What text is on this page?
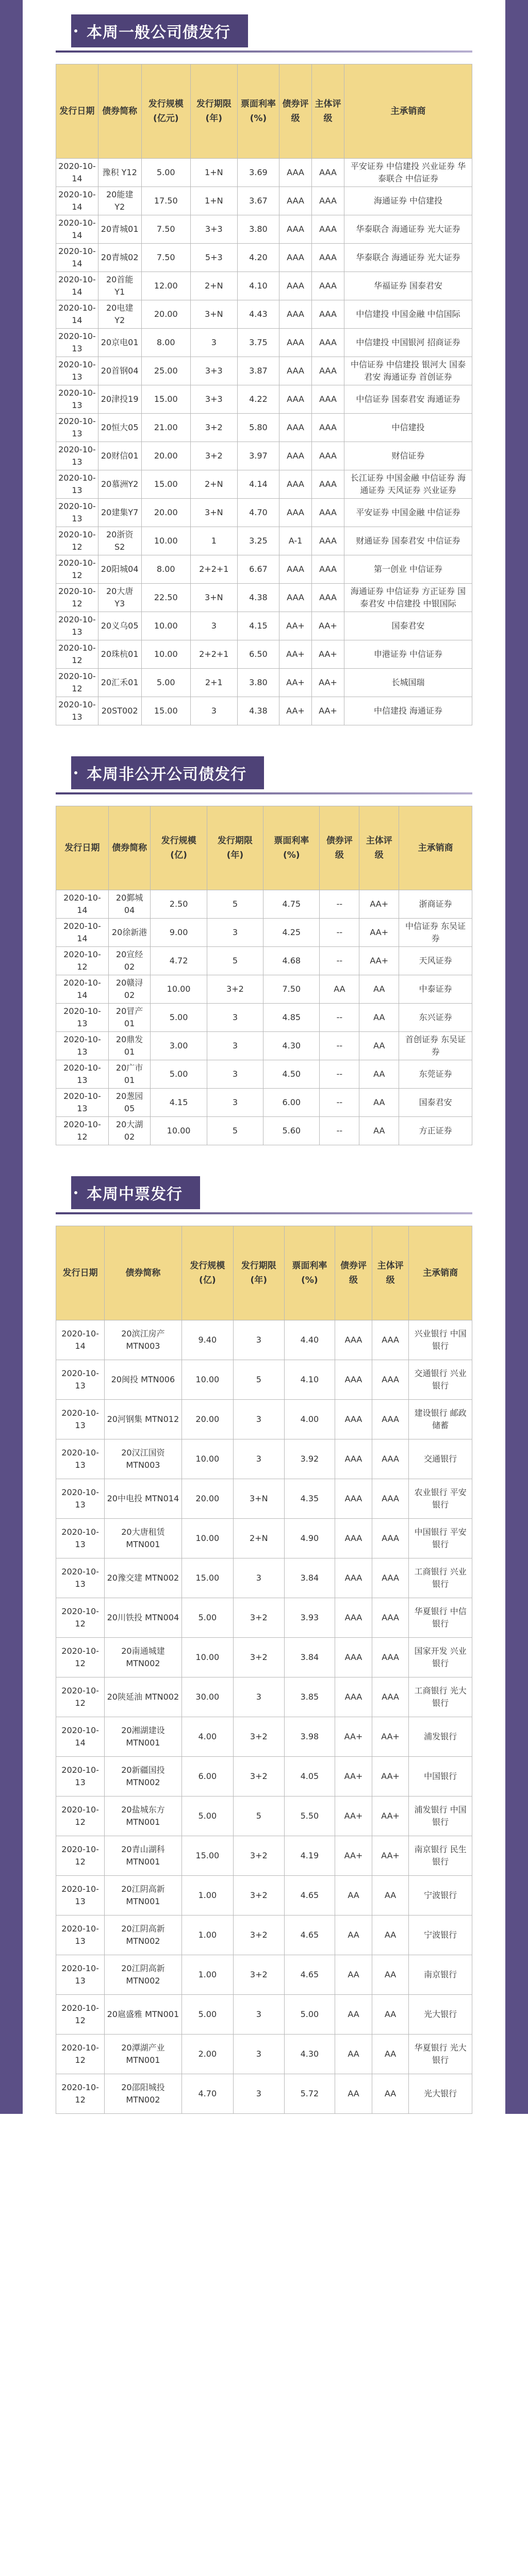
本周一般公司债发行
发行日期	债券简称	发行规模(亿元)	发行期限(年)	票面利率(%)	债券评级	主体评级	主承销商
2020-10-14	豫积 Y12	5.00	1+N	3.69	AAA	AAA	平安证券 中信建投 兴业证券 华泰联合 中信证券
2020-10-14	20能建 Y2	17.50	1+N	3.67	AAA	AAA	海通证券 中信建投
2020-10-14	20青城01	7.50	3+3	3.80	AAA	AAA	华泰联合 海通证券 光大证券
2020-10-14	20青城02	7.50	5+3	4.20	AAA	AAA	华泰联合 海通证券 光大证券
2020-10-14	20首能 Y1	12.00	2+N	4.10	AAA	AAA	华福证券 国泰君安
2020-10-14	20电建 Y2	20.00	3+N	4.43	AAA	AAA	中信建投 中国金融 中信国际
2020-10-13	20京电01	8.00	3	3.75	AAA	AAA	中信建投 中国银河 招商证券
2020-10-13	20首钢04	25.00	3+3	3.87	AAA	AAA	中信证券 中信建投 银河大 国泰君安 海通证券 首创证券
2020-10-13	20津投19	15.00	3+3	4.22	AAA	AAA	中信证券 国泰君安 海通证券
2020-10-13	20恒大05	21.00	3+2	5.80	AAA	AAA	中信建投
2020-10-13	20财信01	20.00	3+2	3.97	AAA	AAA	财信证券
2020-10-13	20慕洲Y2	15.00	2+N	4.14	AAA	AAA	长江证券 中国金融 中信证券 海通证券 天风证券 兴业证券
2020-10-13	20建集Y7	20.00	3+N	4.70	AAA	AAA	平安证券 中国金融 中信证券
2020-10-12	20浙资 S2	10.00	1	3.25	A-1	AAA	财通证券 国泰君安 中信证券
2020-10-12	20阳城04	8.00	2+2+1	6.67	AAA	AAA	第一创业 中信证券
2020-10-12	20大唐 Y3	22.50	3+N	4.38	AAA	AAA	海通证券 中信证券 方正证券 国泰君安 中信建投 中银国际
2020-10-13	20义乌05	10.00	3	4.15	AA+	AA+	国泰君安
2020-10-12	20珠杭01	10.00	2+2+1	6.50	AA+	AA+	申港证券 中信证券
2020-10-12	20汇禾01	5.00	2+1	3.80	AA+	AA+	长城国瑞
2020-10-13	20ST002	15.00	3	4.38	AA+	AA+	中信建投 海通证券
本周非公开公司债发行
发行日期	债券简称	发行规模(亿)	发行期限(年)	票面利率(%)	债券评级	主体评级	主承销商
2020-10-14	20鄞城04	2.50	5	4.75	--	AA+	浙商证券
2020-10-14	20徐新港	9.00	3	4.25	--	AA+	中信证券 东吴证券
2020-10-12	20宣经02	4.72	5	4.68	--	AA+	天风证券
2020-10-14	20赣浔02	10.00	3+2	7.50	AA	AA	中泰证券
2020-10-13	20冒产01	5.00	3	4.85	--	AA	东兴证券
2020-10-13	20鼎发01	3.00	3	4.30	--	AA	首创证券 东吴证券
2020-10-13	20广市01	5.00	3	4.50	--	AA	东莞证券
2020-10-13	20葱园05	4.15	3	6.00	--	AA	国泰君安
2020-10-12	20大湖02	10.00	5	5.60	--	AA	方正证券
本周中票发行
发行日期	债券简称	发行规模(亿)	发行期限(年)	票面利率(%)	债券评级	主体评级	主承销商
2020-10-14	20滨江房产 MTN003	9.40	3	4.40	AAA	AAA	兴业银行 中国银行
2020-10-13	20闽投 MTN006	10.00	5	4.10	AAA	AAA	交通银行 兴业银行
2020-10-13	20河钢集 MTN012	20.00	3	4.00	AAA	AAA	建设银行 邮政储蓄
2020-10-13	20汉江国资 MTN003	10.00	3	3.92	AAA	AAA	交通银行
2020-10-13	20中电投 MTN014	20.00	3+N	4.35	AAA	AAA	农业银行 平安银行
2020-10-13	20大唐租赁 MTN001	10.00	2+N	4.90	AAA	AAA	中国银行 平安银行
2020-10-13	20豫交建 MTN002	15.00	3	3.84	AAA	AAA	工商银行 兴业银行
2020-10-12	20川铁投 MTN004	5.00	3+2	3.93	AAA	AAA	华夏银行 中信银行
2020-10-12	20南通城建 MTN002	10.00	3+2	3.84	AAA	AAA	国家开发 兴业银行
2020-10-12	20陕延油 MTN002	30.00	3	3.85	AAA	AAA	工商银行 光大银行
2020-10-14	20湘湖建设 MTN001	4.00	3+2	3.98	AA+	AA+	浦发银行
2020-10-13	20新疆国投 MTN002	6.00	3+2	4.05	AA+	AA+	中国银行
2020-10-12	20盐城东方 MTN001	5.00	5	5.50	AA+	AA+	浦发银行 中国银行
2020-10-12	20青山湖科 MTN001	15.00	3+2	4.19	AA+	AA+	南京银行 民生银行
2020-10-13	20江阴高新 MTN001	1.00	3+2	4.65	AA	AA	宁波银行
2020-10-13	20江阴高新 MTN002	1.00	3+2	4.65	AA	AA	宁波银行
2020-10-13	20江阴高新 MTN002	1.00	3+2	4.65	AA	AA	南京银行
2020-10-12	20扈盛雅 MTN001	5.00	3	5.00	AA	AA	光大银行
2020-10-12	20潭湖产业 MTN001	2.00	3	4.30	AA	AA	华夏银行 光大银行
2020-10-12	20邵阳城投 MTN002	4.70	3	5.72	AA	AA	光大银行
